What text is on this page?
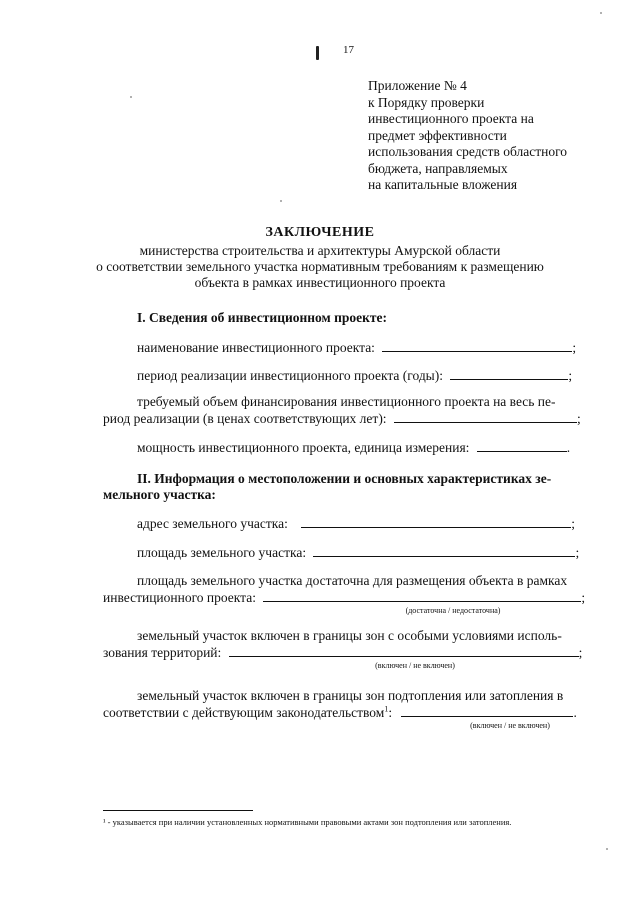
17
Приложение № 4
к Порядку проверки
инвестиционного проекта на
предмет эффективности
использования средств областного
бюджета, направляемых
на капитальные вложения
ЗАКЛЮЧЕНИЕ
министерства строительства и архитектуры Амурской области
о соответствии земельного участка нормативным требованиям к размещению
объекта в рамках инвестиционного проекта
I. Сведения об инвестиционном проекте:
наименование инвестиционного проекта:	;
период реализации инвестиционного проекта (годы):	;
требуемый объем финансирования инвестиционного проекта на весь пе-
риод реализации (в ценах соответствующих лет):	;
мощность инвестиционного проекта, единица измерения:	.
II. Информация о местоположении и основных характеристиках зе-
мельного участка:
адрес земельного участка:	;
площадь земельного участка:	;
площадь земельного участка достаточна для размещения объекта в рамках
инвестиционного проекта:	;
(достаточна / недостаточна)
земельный участок включен в границы зон с особыми условиями исполь-
зования территорий:	;
(включен / не включен)
земельный участок включен в границы зон подтопления или затопления в
соответствии с действующим законодательством$^1$:	.
(включен / не включен)
¹ - указывается при наличии установленных нормативными правовыми актами зон подтопления или затопления.
